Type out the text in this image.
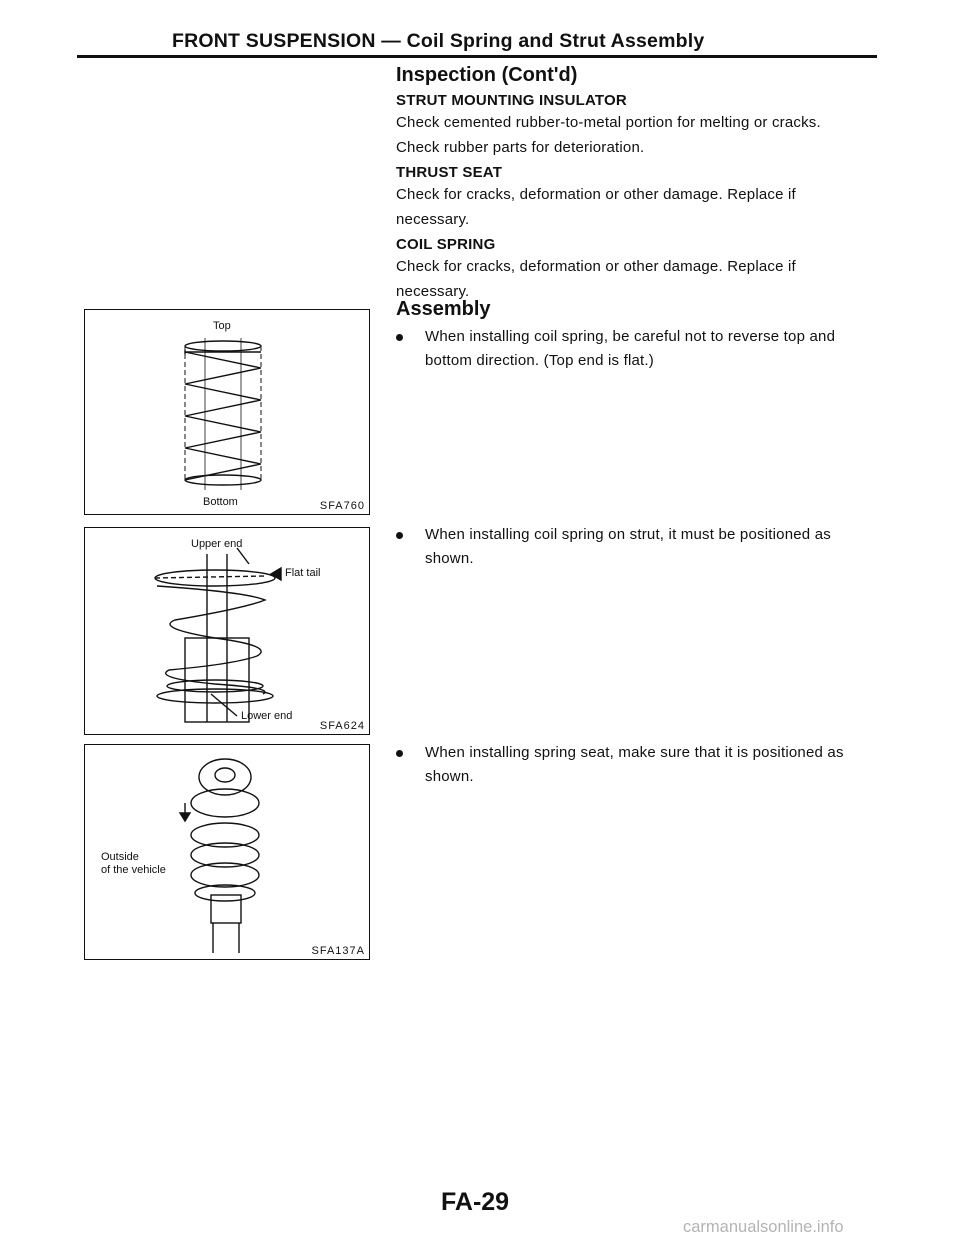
FRONT SUSPENSION — Coil Spring and Strut Assembly
Inspection (Cont'd)
STRUT MOUNTING INSULATOR
Check cemented rubber-to-metal portion for melting or cracks.
Check rubber parts for deterioration.
THRUST SEAT
Check for cracks, deformation or other damage. Replace if
necessary.
COIL SPRING
Check for cracks, deformation or other damage. Replace if
necessary.
Assembly
When installing coil spring, be careful not to reverse top and bottom direction. (Top end is flat.)
When installing coil spring on strut, it must be positioned as shown.
When installing spring seat, make sure that it is positioned as shown.
Top
Bottom	SFA760
Upper end
Flat tail
Lower end
SFA624
Outside
of the vehicle
SFA137A
FA-29
carmanualsonline.info
